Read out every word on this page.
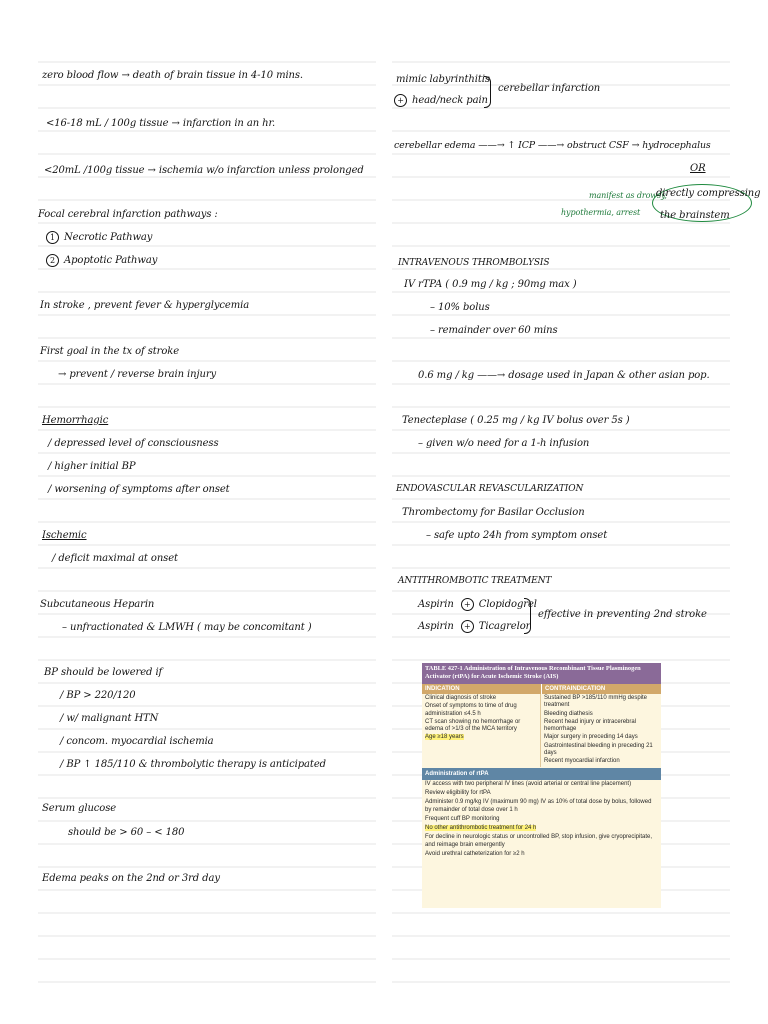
zero blood flow → death of brain tissue in 4-10 mins.
<16-18 mL / 100g tissue → infarction in an hr.
<20mL /100g tissue → ischemia w/o infarction unless prolonged
Focal cerebral infarction pathways :
1 Necrotic Pathway
2 Apoptotic Pathway
In stroke , prevent fever & hyperglycemia
First goal in the tx of stroke
→ prevent / reverse brain injury
Hemorrhagic
/ depressed level of consciousness
/ higher initial BP
/ worsening of symptoms after onset
Ischemic
/ deficit maximal at onset
Subcutaneous Heparin
– unfractionated & LMWH ( may be concomitant )
BP should be lowered if
/ BP > 220/120
/ w/ malignant HTN
/ concom. myocardial ischemia
/ BP ↑ 185/110 & thrombolytic therapy is anticipated
Serum glucose
should be > 60 – < 180
Edema peaks on the 2nd or 3rd day
mimic labyrinthitis
+ head/neck pain
cerebellar infarction
cerebellar edema ——→ ↑ ICP ——→ obstruct CSF → hydrocephalus
OR
manifest as drowsy,
hypothermia, arrest
directly compressing
the brainstem
INTRAVENOUS THROMBOLYSIS
IV rTPA ( 0.9 mg / kg ; 90mg max )
– 10% bolus
– remainder over 60 mins
0.6 mg / kg ——→ dosage used in Japan & other asian pop.
Tenecteplase ( 0.25 mg / kg IV bolus over 5s )
– given w/o need for a 1-h infusion
ENDOVASCULAR REVASCULARIZATION
Thrombectomy for Basilar Occlusion
– safe upto 24h from symptom onset
ANTITHROMBOTIC TREATMENT
Aspirin + Clopidogrel
Aspirin + Ticagrelor
effective in preventing 2nd stroke
TABLE 427-1 Administration of Intravenous Recombinant Tissue Plasminogen Activator (rtPA) for Acute Ischemic Stroke (AIS)
INDICATION	CONTRAINDICATION
Clinical diagnosis of stroke
Onset of symptoms to time of drug administration ≤4.5 h
CT scan showing no hemorrhage or edema of >1/3 of the MCA territory
Age ≥18 years
Sustained BP >185/110 mmHg despite treatment
Bleeding diathesis
Recent head injury or intracerebral hemorrhage
Major surgery in preceding 14 days
Gastrointestinal bleeding in preceding 21 days
Recent myocardial infarction
Administration of rtPA
IV access with two peripheral IV lines (avoid arterial or central line placement)
Review eligibility for rtPA
Administer 0.9 mg/kg IV (maximum 90 mg) IV as 10% of total dose by bolus, followed by remainder of total dose over 1 h
Frequent cuff BP monitoring
No other antithrombotic treatment for 24 h
For decline in neurologic status or uncontrolled BP, stop infusion, give cryoprecipitate, and reimage brain emergently
Avoid urethral catheterization for ≥2 h
